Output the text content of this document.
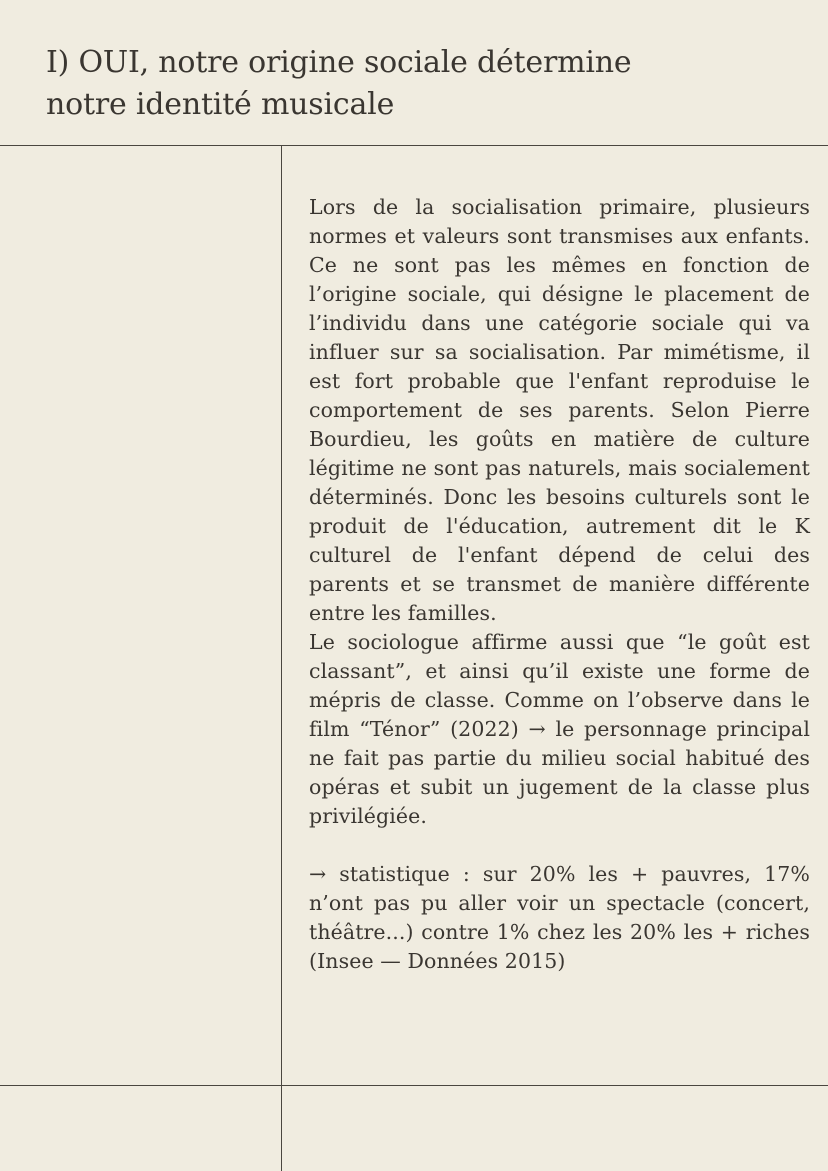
I) OUI, notre origine sociale détermine
notre identité musicale

Lors de la socialisation primaire, plusieurs normes et valeurs sont transmises aux enfants. Ce ne sont pas les mêmes en fonction de l’origine sociale, qui désigne le placement de l’individu dans une catégorie sociale qui va influer sur sa socialisation. Par mimétisme, il est fort probable que l'enfant reproduise le comportement de ses parents. Selon Pierre Bourdieu, les goûts en matière de culture légitime ne sont pas naturels, mais socialement déterminés. Donc les besoins culturels sont le produit de l'éducation, autrement dit le K culturel de l'enfant dépend de celui des parents et se transmet de manière différente entre les familles.

Le sociologue affirme aussi que “le goût est classant”, et ainsi qu’il existe une forme de mépris de classe. Comme on l’observe dans le film “Ténor” (2022) → le personnage principal ne fait pas partie du milieu social habitué des opéras et subit un jugement de la classe plus privilégiée.

→ statistique : sur 20% les + pauvres, 17% n’ont pas pu aller voir un spectacle (concert, théâtre...) contre 1% chez les 20% les + riches (Insee — Données 2015)
